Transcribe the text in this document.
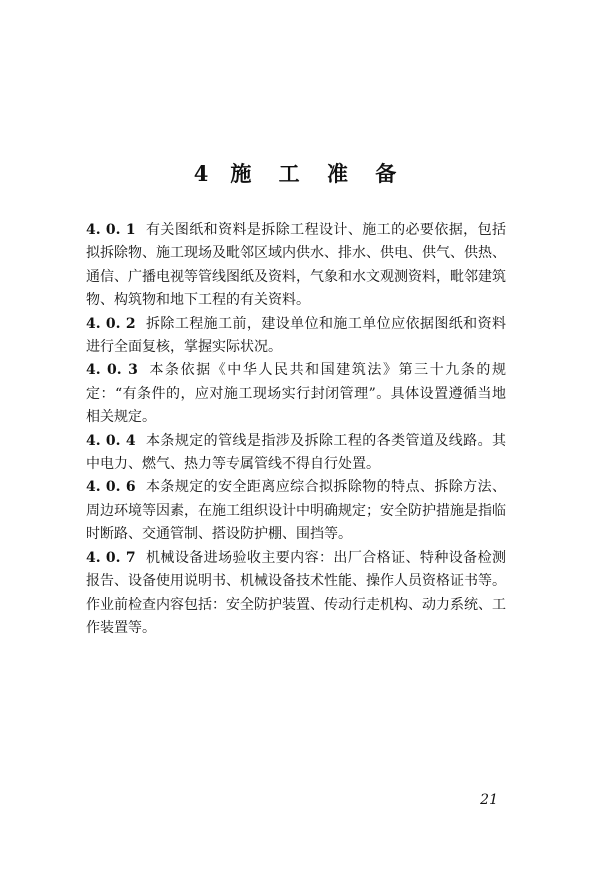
4 施 工 准 备

4. 0. 1 有关图纸和资料是拆除工程设计、施工的必要依据，包括拟拆除物、施工现场及毗邻区域内供水、排水、供电、供气、供热、通信、广播电视等管线图纸及资料，气象和水文观测资料，毗邻建筑物、构筑物和地下工程的有关资料。

4. 0. 2 拆除工程施工前，建设单位和施工单位应依据图纸和资料进行全面复核，掌握实际状况。

4. 0. 3 本条依据《中华人民共和国建筑法》第三十九条的规定：“有条件的，应对施工现场实行封闭管理”。具体设置遵循当地相关规定。

4. 0. 4 本条规定的管线是指涉及拆除工程的各类管道及线路。其中电力、燃气、热力等专属管线不得自行处置。

4. 0. 6 本条规定的安全距离应综合拟拆除物的特点、拆除方法、周边环境等因素，在施工组织设计中明确规定；安全防护措施是指临时断路、交通管制、搭设防护棚、围挡等。

4. 0. 7 机械设备进场验收主要内容：出厂合格证、特种设备检测报告、设备使用说明书、机械设备技术性能、操作人员资格证书等。作业前检查内容包括：安全防护装置、传动行走机构、动力系统、工作装置等。

21
